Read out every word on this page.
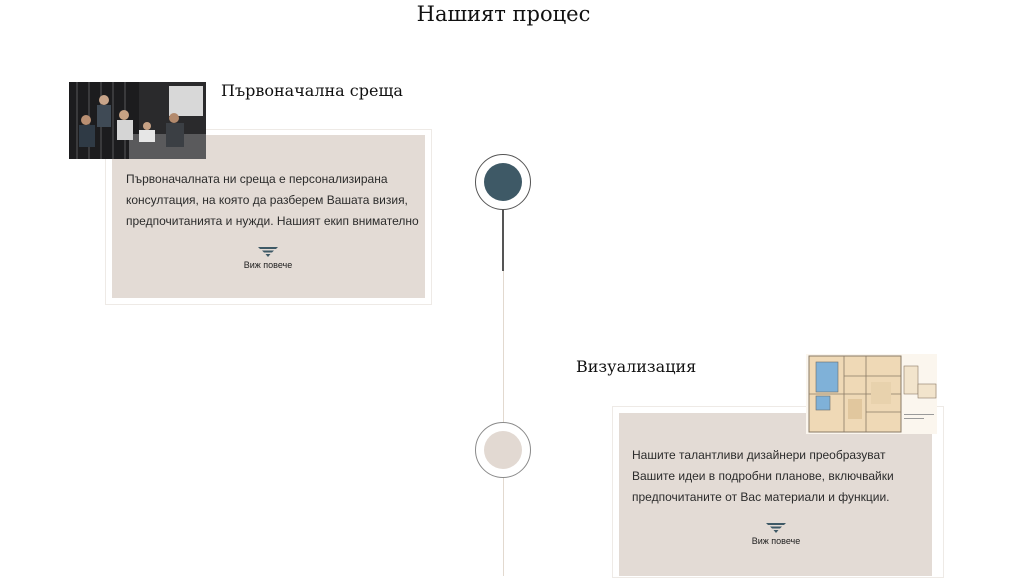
Нашият процес
Първоначална среща
Първоначалната ни среща е персонализирана
консултация, на която да разберем Вашата визия,
предпочитанията и нужди. Нашият екип внимателно
Виж повече
Визуализация
Нашите талантливи дизайнери преобразуват
Вашите идеи в подробни планове, включвайки
предпочитаните от Вас материали и функции.
Виж повече
